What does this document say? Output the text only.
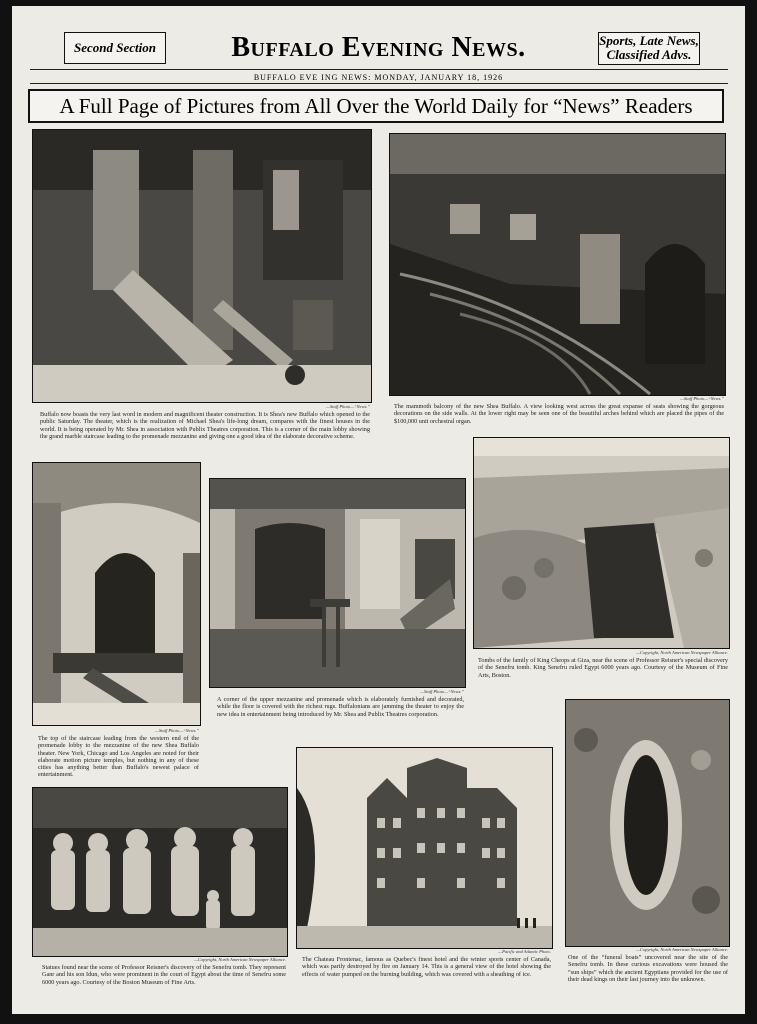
Second Section	Buffalo Evening News.	Sports, Late News,
Classified Advs.
BUFFALO EVE ING NEWS: MONDAY, JANUARY 18, 1926
A Full Page of Pictures from All Over the World Daily for “News” Readers
—Staff Photo—“News.”
Buffalo now boasts the very last word in modern and magnificent theater construction. It is Shea's new Buffalo which opened to the public Saturday. The theater, which is the realization of Michael Shea's life-long dream, compares with the finest houses in the world. It is being operated by Mr. Shea in association with Publix Theatres corporation. This is a corner of the main lobby showing the grand marble staircase leading to the promenade mezzanine and giving one a good idea of the elaborate decorative scheme.
—Staff Photo—“News.”
The mammoth balcony of the new Shea Buffalo. A view looking west across the great expanse of seats showing the gorgeous decorations on the side walls. At the lower right may be seen one of the beautiful arches behind which are placed the pipes of the $100,000 unit orchestral organ.
—Staff Photo—“News.”
The top of the staircase leading from the western end of the promenade lobby to the mezzanine of the new Shea Buffalo theater. New York, Chicago and Los Angeles are noted for their elaborate motion picture temples, but nothing in any of these cities has anything better than Buffalo's newest palace of entertainment.
—Staff Photo—“News.”
A corner of the upper mezzanine and promenade which is elaborately furnished and decorated, while the floor is covered with the richest rugs. Buffalonians are jamming the theater to enjoy the new idea in entertainment being introduced by Mr. Shea and Publix Theatres corporation.
—Copyright, North American Newspaper Alliance.
Tombs of the family of King Cheops at Giza, near the scene of Professor Reisner's special discovery of the Senefru tomb. King Senefru ruled Egypt 6000 years ago. Courtesy of the Museum of Fine Arts, Boston.
—Copyright, North American Newspaper Alliance.
One of the “funeral boats” uncovered near the site of the Senefru tomb. In these curious excavations were housed the “sun ships” which the ancient Egyptians provided for the use of their dead kings on their last journey into the unknown.
—Copyright, North American Newspaper Alliance.
Statues found near the scene of Professor Reisner's discovery of the Senefru tomb. They represent Ganr and his son Idun, who were prominent in the court of Egypt about the time of Senefru some 6000 years ago. Courtesy of the Boston Museum of Fine Arts.
—Pacific and Atlantic Photo.
The Chateau Frontenac, famous as Quebec's finest hotel and the winter sports center of Canada, which was partly destroyed by fire on January 14. This is a general view of the hotel showing the effects of water pumped on the burning building, which was covered with a sheathing of ice.
